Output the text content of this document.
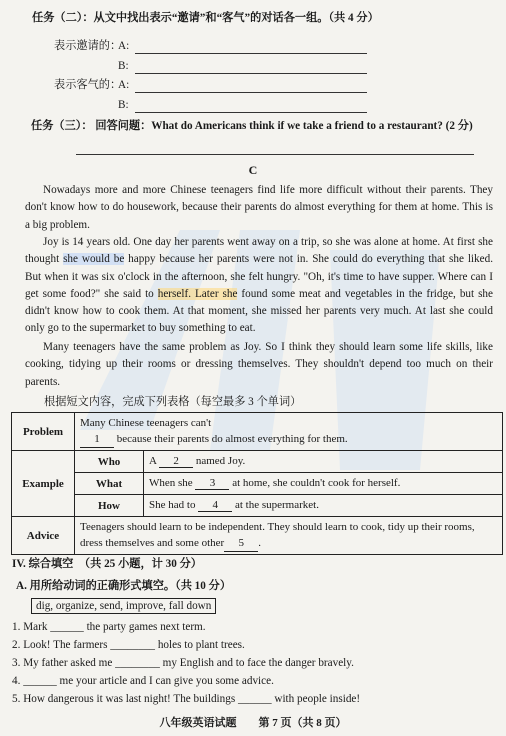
任务（二）：从文中找出表示“邀请”和“客气”的对话各一组。（共 4 分）
表示邀请的：
A:
B:
表示客气的：
A:
B:
任务（三）： 回答问题：What do Americans think if we take a friend to a restaurant? (2 分)
C
Nowadays more and more Chinese teenagers find life more difficult without their parents. They don't know how to do housework, because their parents do almost everything for them at home. This is a big problem.
Joy is 14 years old. One day her parents went away on a trip, so she was alone at home. At first she thought she would be happy because her parents were not in. She could do everything that she liked. But when it was six o'clock in the afternoon, she felt hungry. "Oh, it's time to have supper. Where can I get some food?" she said to herself. Later she found some meat and vegetables in the fridge, but she didn't know how to cook them. At that moment, she missed her parents very much. At last she could only go to the supermarket to buy something to eat.
Many teenagers have the same problem as Joy. So I think they should learn some life skills, like cooking, tidying up their rooms or dressing themselves. They shouldn't depend too much on their parents.
根据短文内容，完成下列表格（每空最多 3 个单词）
Problem	Many Chinese teenagers can't
1 because their parents do almost everything for them.	
Example	Who	A 2 named Joy.
	What	When she 3 at home, she couldn't cook for herself.
	How	She had to 4 at the supermarket.
Advice	Teenagers should learn to be independent. They should learn to cook, tidy up their rooms, dress themselves and some other 5 .	
IV. 综合填空　（共 25 小题，计 30 分）
A. 用所给动词的正确形式填空。（共 10 分）
dig, organize, send, improve, fall down
1. Mark ______ the party games next term.
2. Look! The farmers ________ holes to plant trees.
3. My father asked me ________ my English and to face the danger bravely.
4. ______ me your article and I can give you some advice.
5. How dangerous it was last night! The buildings ______ with people inside!
八年级英语试题　　第 7 页（共 8 页）
